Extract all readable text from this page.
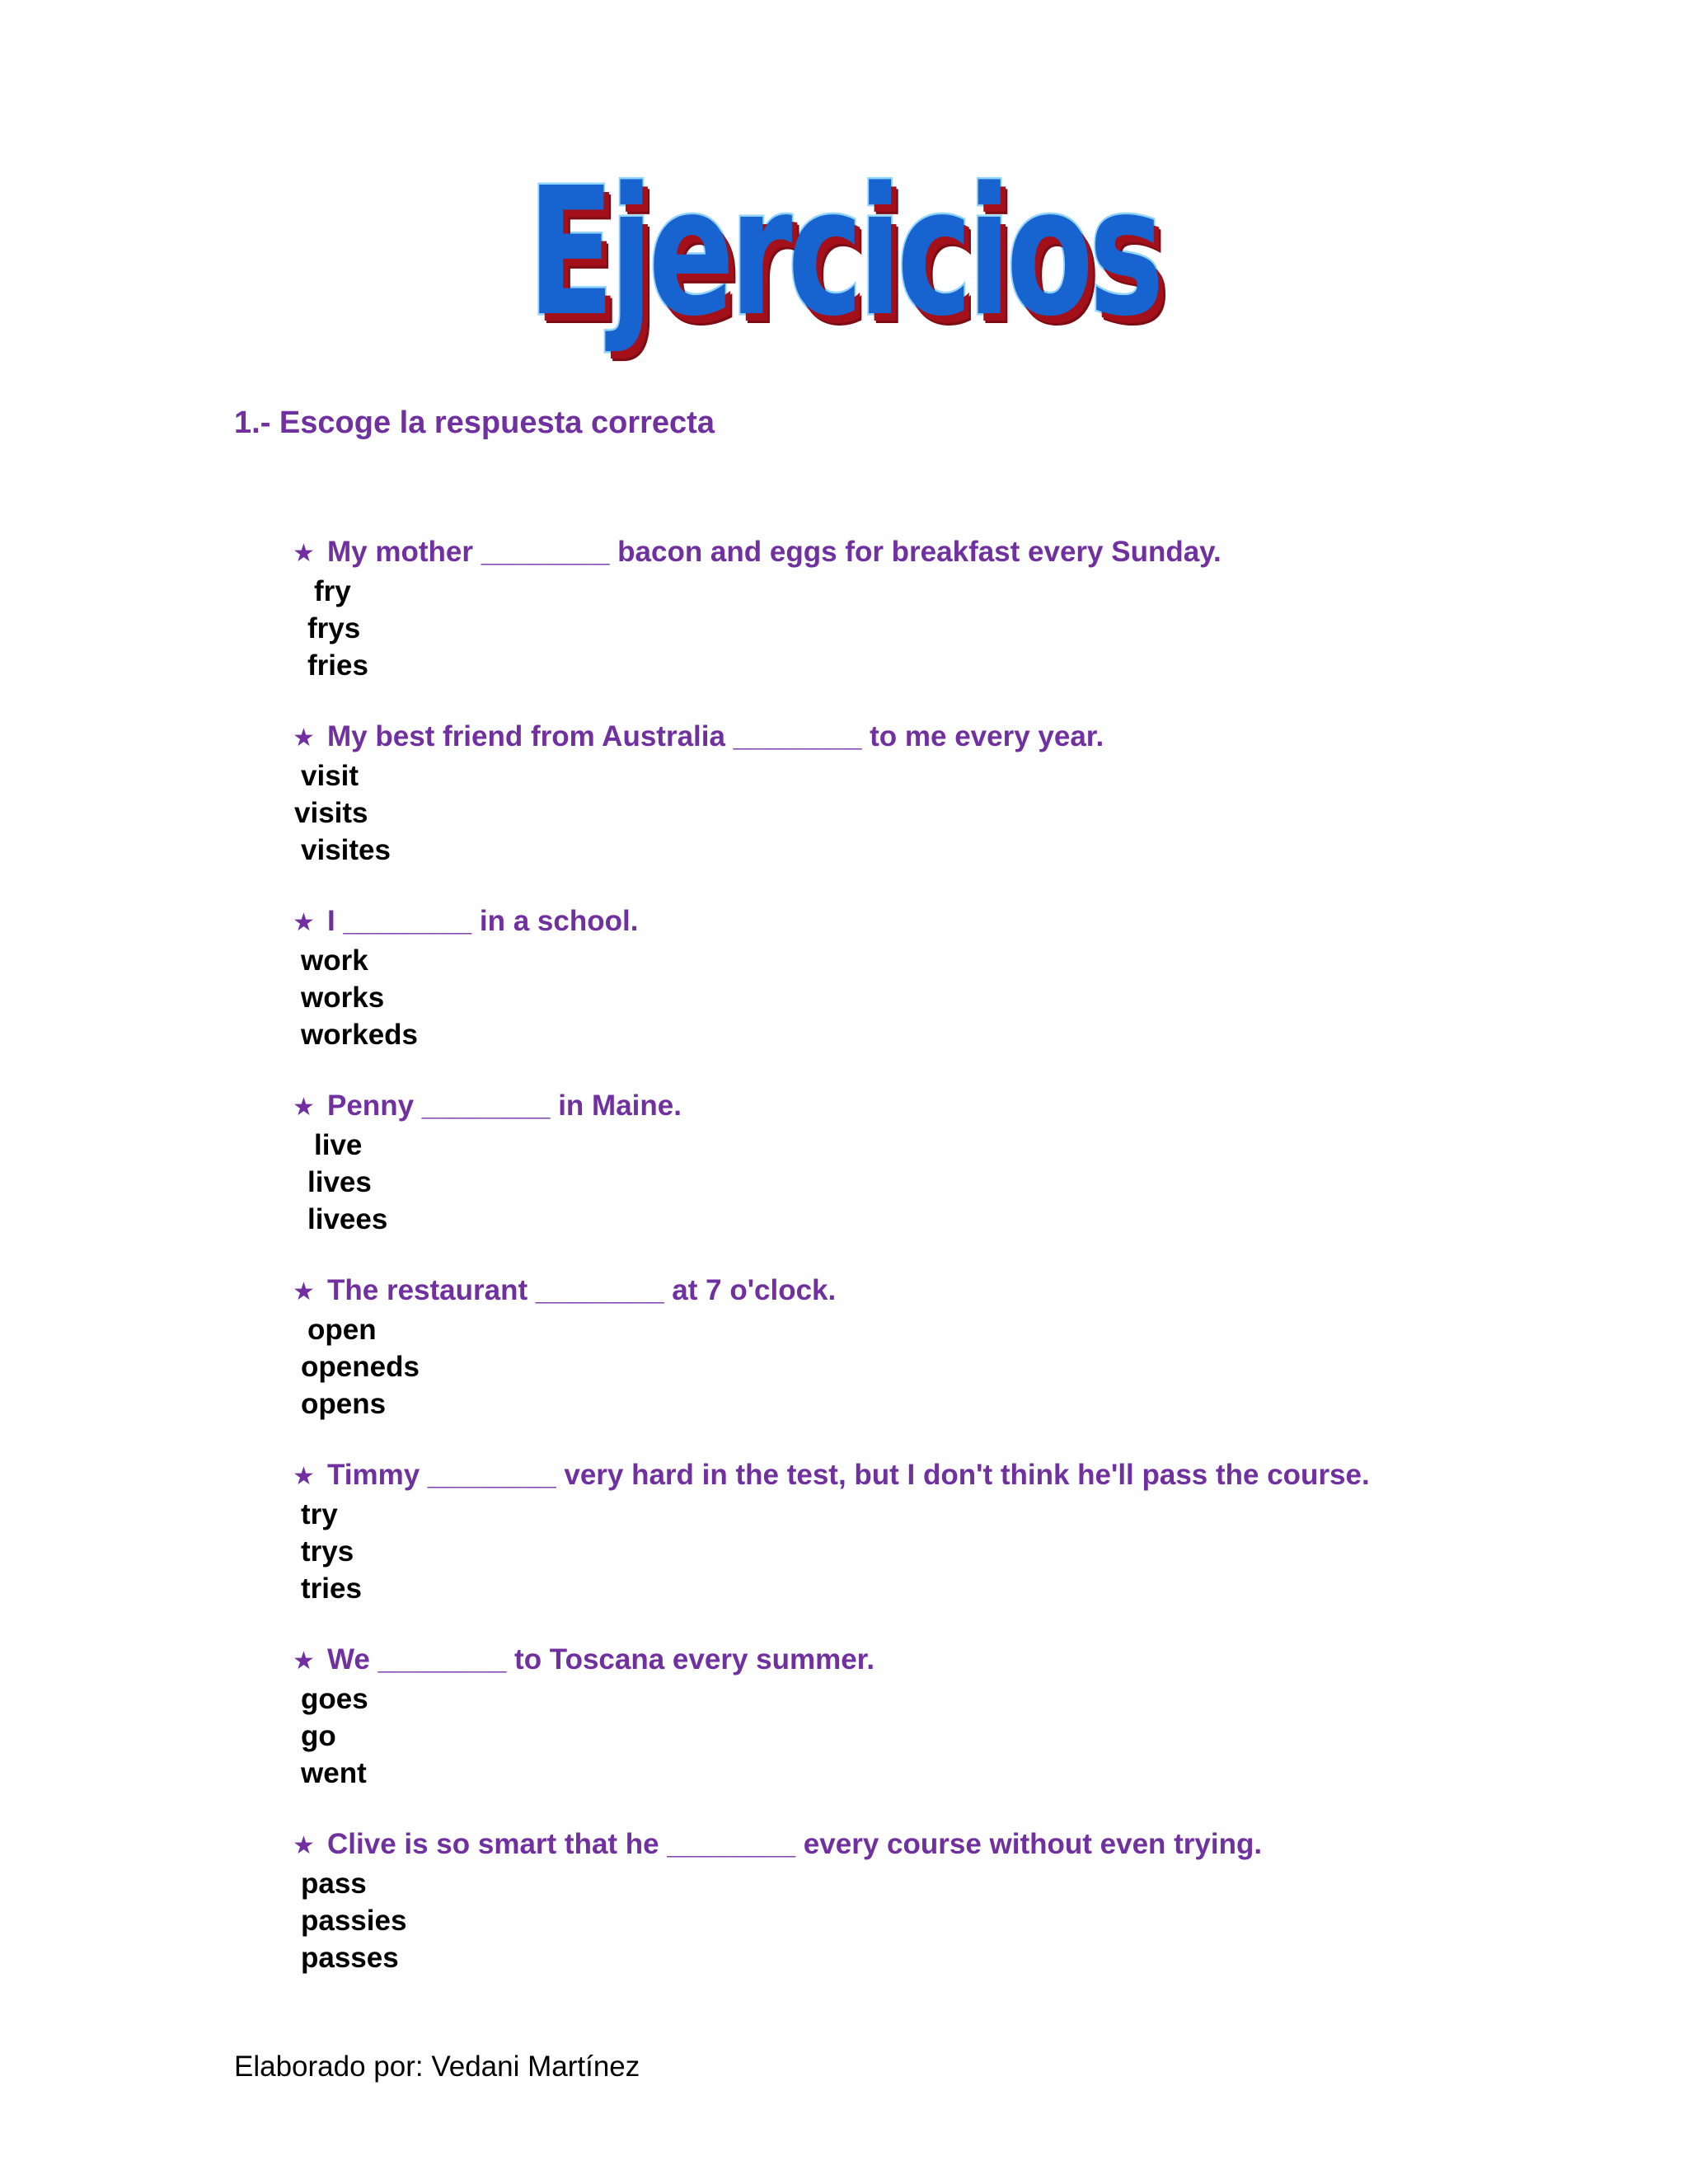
Ejercicios
1.- Escoge la respuesta correcta
★ My mother ________ bacon and eggs for breakfast every Sunday.
fry
frys
fries
★ My best friend from Australia ________ to me every year.
visit
visits
visites
★ I ________ in a school.
work
works
workeds
★ Penny ________ in Maine.
live
lives
livees
★ The restaurant ________ at 7 o'clock.
open
openeds
opens
★ Timmy ________ very hard in the test, but I don't think he'll pass the course.
try
trys
tries
★ We ________ to Toscana every summer.
goes
go
went
★ Clive is so smart that he ________ every course without even trying.
pass
passies
passes
Elaborado por: Vedani Martínez
